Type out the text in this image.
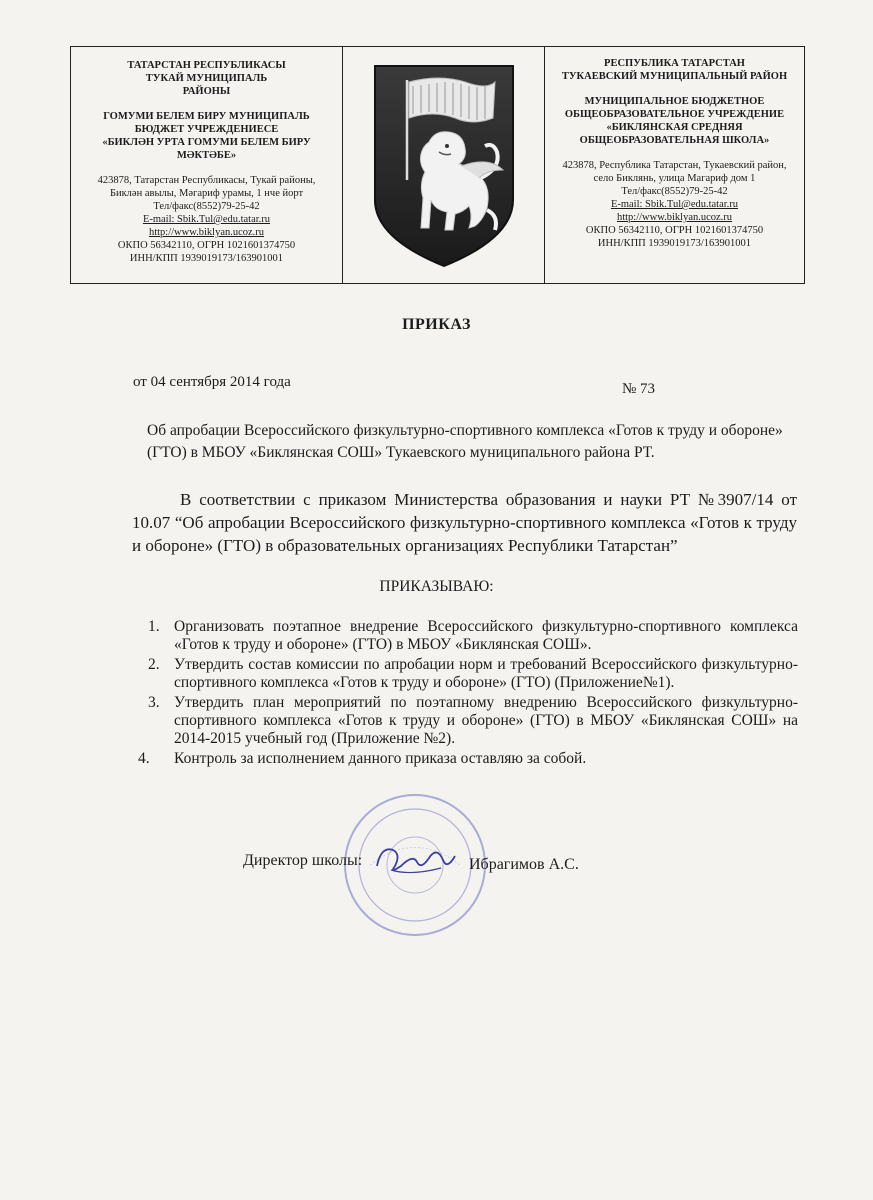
ТАТАРСТАН РЕСПУБЛИКАСЫ
ТУКАЙ МУНИЦИПАЛЬ
РАЙОНЫ
ГОМУМИ БЕЛЕМ БИРУ МУНИЦИПАЛЬ
БЮДЖЕТ УЧРЕЖДЕНИЕСЕ
«БИКЛӘН УРТА ГОМУМИ БЕЛЕМ БИРУ
МӘКТӘБЕ»
423878, Татарстан Республикасы, Тукай районы,
Биклән авылы, Мәгариф урамы, 1 нче йорт
Тел/факс(8552)79-25-42
E-mail: Sbik.Tul@edu.tatar.ru
http://www.biklyan.ucoz.ru
ОКПО 56342110, ОГРН 1021601374750
ИНН/КПП 1939019173/163901001
РЕСПУБЛИКА ТАТАРСТАН
ТУКАЕВСКИЙ МУНИЦИПАЛЬНЫЙ РАЙОН
МУНИЦИПАЛЬНОЕ БЮДЖЕТНОЕ
ОБЩЕОБРАЗОВАТЕЛЬНОЕ УЧРЕЖДЕНИЕ
«БИКЛЯНСКАЯ СРЕДНЯЯ
ОБЩЕОБРАЗОВАТЕЛЬНАЯ ШКОЛА»
423878, Республика Татарстан, Тукаевский район,
село Биклянь, улица Магариф дом 1
Тел/факс(8552)79-25-42
E-mail: Sbik.Tul@edu.tatar.ru
http://www.biklyan.ucoz.ru
ОКПО 56342110, ОГРН 1021601374750
ИНН/КПП 1939019173/163901001
ПРИКАЗ
от 04 сентября 2014 года	№ 73
Об апробации Всероссийского физкультурно-спортивного комплекса «Готов к труду и обороне» (ГТО) в МБОУ «Биклянская СОШ» Тукаевского муниципального района РТ.
В соответствии с приказом Министерства образования и науки РТ №3907/14 от 10.07 “Об апробации Всероссийского физкультурно-спортивного комплекса «Готов к труду и обороне» (ГТО) в образовательных организациях Республики Татарстан”
ПРИКАЗЫВАЮ:
1. Организовать поэтапное внедрение Всероссийского физкультурно-спортивного комплекса «Готов к труду и обороне» (ГТО) в МБОУ «Биклянская СОШ».
2. Утвердить состав комиссии по апробации норм и требований Всероссийского физкультурно-спортивного комплекса «Готов к труду и обороне» (ГТО) (Приложение№1).
3. Утвердить план мероприятий по поэтапному внедрению Всероссийского физкультурно-спортивного комплекса «Готов к труду и обороне» (ГТО) в МБОУ «Биклянская СОШ» на 2014-2015 учебный год (Приложение №2).
4.	Контроль за исполнением данного приказа оставляю за собой.
Директор школы:	Ибрагимов А.С.
